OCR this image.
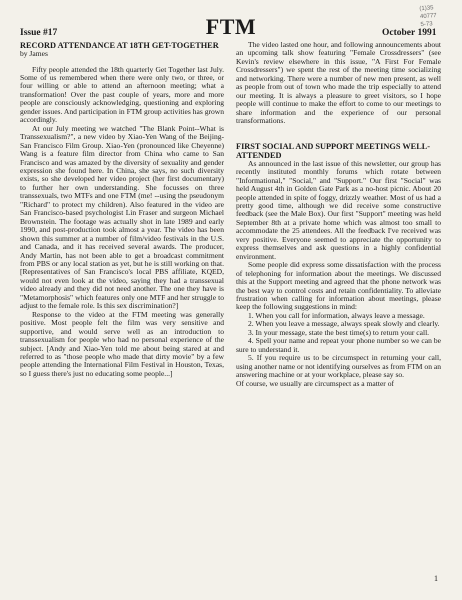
(1)35
40777
5-73
FTM
Issue #17	October 1991
RECORD ATTENDANCE AT 18TH GET-TOGETHER
by James

Fifty people attended the 18th quarterly Get Together last July. Some of us remembered when there were only two, or three, or four willing or able to attend an afternoon meeting; what a transformation! Over the past couple of years, more and more people are consciously acknowledging, questioning and exploring gender issues. And participation in FTM group activities has grown accordingly.

At our July meeting we watched "The Blank Point--What is Transsexualism?", a new video by Xiao-Yen Wang of the Beijing-San Francisco Film Group. Xiao-Yen (pronounced like Cheyenne) Wang is a feature film director from China who came to San Francisco and was amazed by the diversity of sexuality and gender expression she found here. In China, she says, no such diversity exists, so she developed her video project (her first documentary) to further her own understanding. She focusses on three transsexuals, two MTFs and one FTM (me! --using the pseudonym "Richard" to protect my children). Also featured in the video are San Francisco-based psychologist Lin Fraser and surgeon Michael Brownstein. The footage was actually shot in late 1989 and early 1990, and post-production took almost a year. The video has been shown this summer at a number of film/video festivals in the U.S. and Canada, and it has received several awards. The producer, Andy Martin, has not been able to get a broadcast commitment from PBS or any local station as yet, but he is still working on that. [Representatives of San Francisco's local PBS affiliate, KQED, would not even look at the video, saying they had a transsexual video already and they did not need another. The one they have is "Metamorphosis" which features only one MTF and her struggle to adjust to the female role. Is this sex discrimination?]

Response to the video at the FTM meeting was generally positive. Most people felt the film was very sensitive and supportive, and would serve well as an introduction to transsexualism for people who had no personal experience of the subject. [Andy and Xiao-Yen told me about being stared at and referred to as "those people who made that dirty movie" by a few people attending the International Film Festival in Houston, Texas, so I guess there's just no educating some people...]

The video lasted one hour, and following announcements about an upcoming talk show featuring "Female Crossdressers" (see Kevin's review elsewhere in this issue, "A First For Female Crossdressers") we spent the rest of the meeting time socializing and networking. There were a number of new men present, as well as people from out of town who made the trip especially to attend our meeting. It is always a pleasure to greet visitors, so I hope people will continue to make the effort to come to our meetings to share information and the experience of our personal transformations.

FIRST SOCIAL AND SUPPORT MEETINGS WELL-ATTENDED

As announced in the last issue of this newsletter, our group has recently instituted monthly forums which rotate between "Informational," "Social," and "Support." Our first "Social" was held August 4th in Golden Gate Park as a no-host picnic. About 20 people attended in spite of foggy, drizzly weather. Most of us had a pretty good time, although we did receive some constructive feedback (see the Male Box). Our first "Support" meeting was held September 8th at a private home which was almost too small to accommodate the 25 attendees. All the feedback I've received was very positive. Everyone seemed to appreciate the opportunity to express themselves and ask questions in a highly confidential environment.

Some people did express some dissatisfaction with the process of telephoning for information about the meetings. We discussed this at the Support meeting and agreed that the phone network was the best way to control costs and retain confidentiality. To alleviate frustration when calling for information about meetings, please keep the following suggestions in mind:

1. When you call for information, always leave a message.

2. When you leave a message, always speak slowly and clearly.

3. In your message, state the best time(s) to return your call.

4. Spell your name and repeat your phone number so we can be sure to understand it.

5. If you require us to be circumspect in returning your call, using another name or not identifying ourselves as from FTM on an answering machine or at your workplace, please say so.

Of course, we usually are circumspect as a matter of

1
